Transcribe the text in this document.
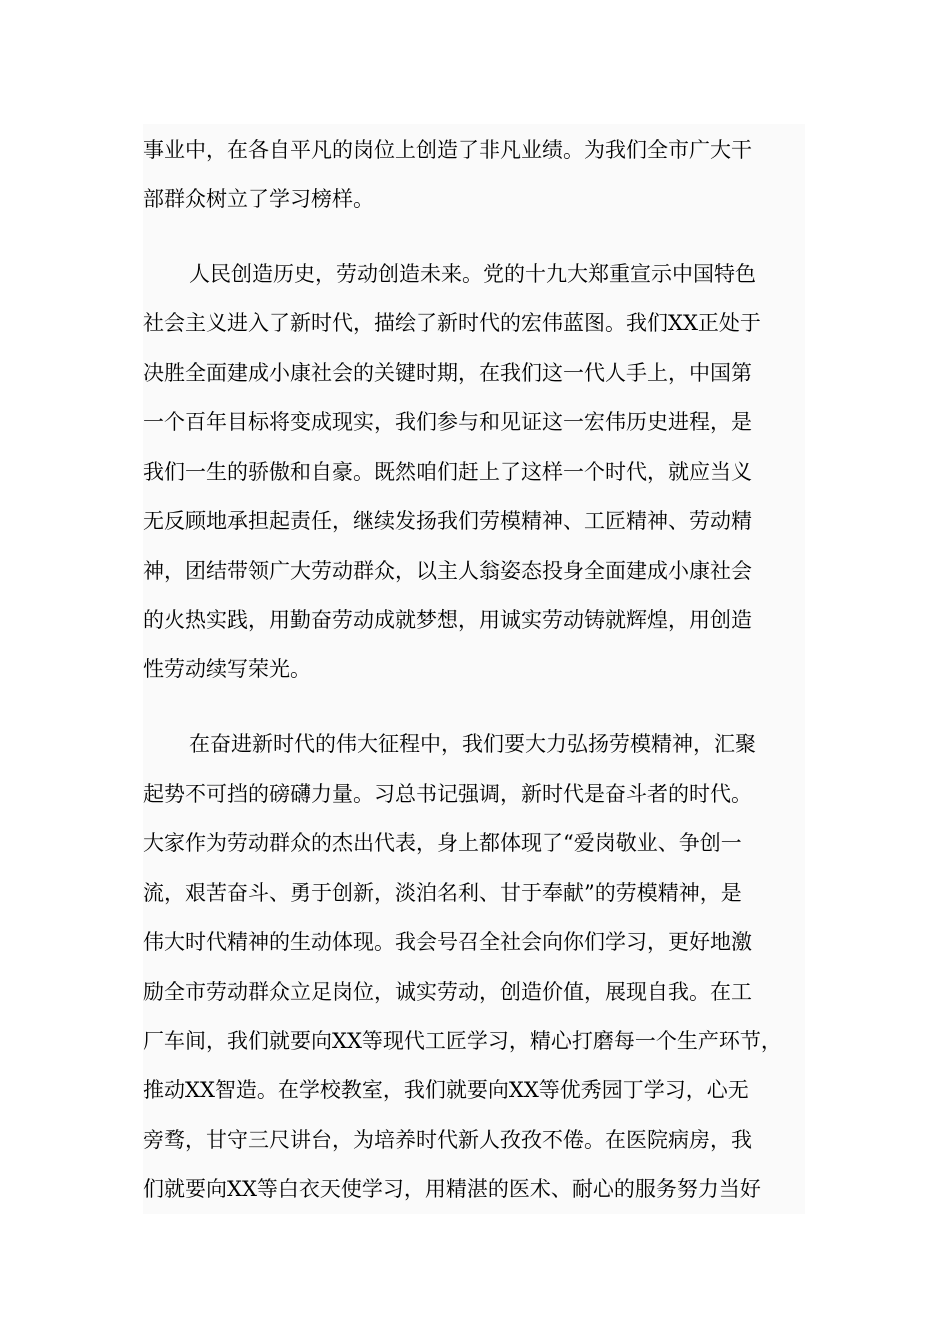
事业中，在各自平凡的岗位上创造了非凡业绩。为我们全市广大干
部群众树立了学习榜样。
人民创造历史，劳动创造未来。党的十九大郑重宣示中国特色
社会主义进入了新时代，描绘了新时代的宏伟蓝图。我们XX正处于
决胜全面建成小康社会的关键时期，在我们这一代人手上，中国第
一个百年目标将变成现实，我们参与和见证这一宏伟历史进程，是
我们一生的骄傲和自豪。既然咱们赶上了这样一个时代，就应当义
无反顾地承担起责任，继续发扬我们劳模精神、工匠精神、劳动精
神，团结带领广大劳动群众，以主人翁姿态投身全面建成小康社会
的火热实践，用勤奋劳动成就梦想，用诚实劳动铸就辉煌，用创造
性劳动续写荣光。
在奋进新时代的伟大征程中，我们要大力弘扬劳模精神，汇聚
起势不可挡的磅礴力量。习总书记强调，新时代是奋斗者的时代。
大家作为劳动群众的杰出代表，身上都体现了“爱岗敬业、争创一
流，艰苦奋斗、勇于创新，淡泊名利、甘于奉献”的劳模精神，是
伟大时代精神的生动体现。我会号召全社会向你们学习，更好地激
励全市劳动群众立足岗位，诚实劳动，创造价值，展现自我。在工
厂车间，我们就要向XX等现代工匠学习，精心打磨每一个生产环节，
推动XX智造。在学校教室，我们就要向XX等优秀园丁学习，心无
旁骛，甘守三尺讲台，为培养时代新人孜孜不倦。在医院病房，我
们就要向XX等白衣天使学习，用精湛的医术、耐心的服务努力当好
